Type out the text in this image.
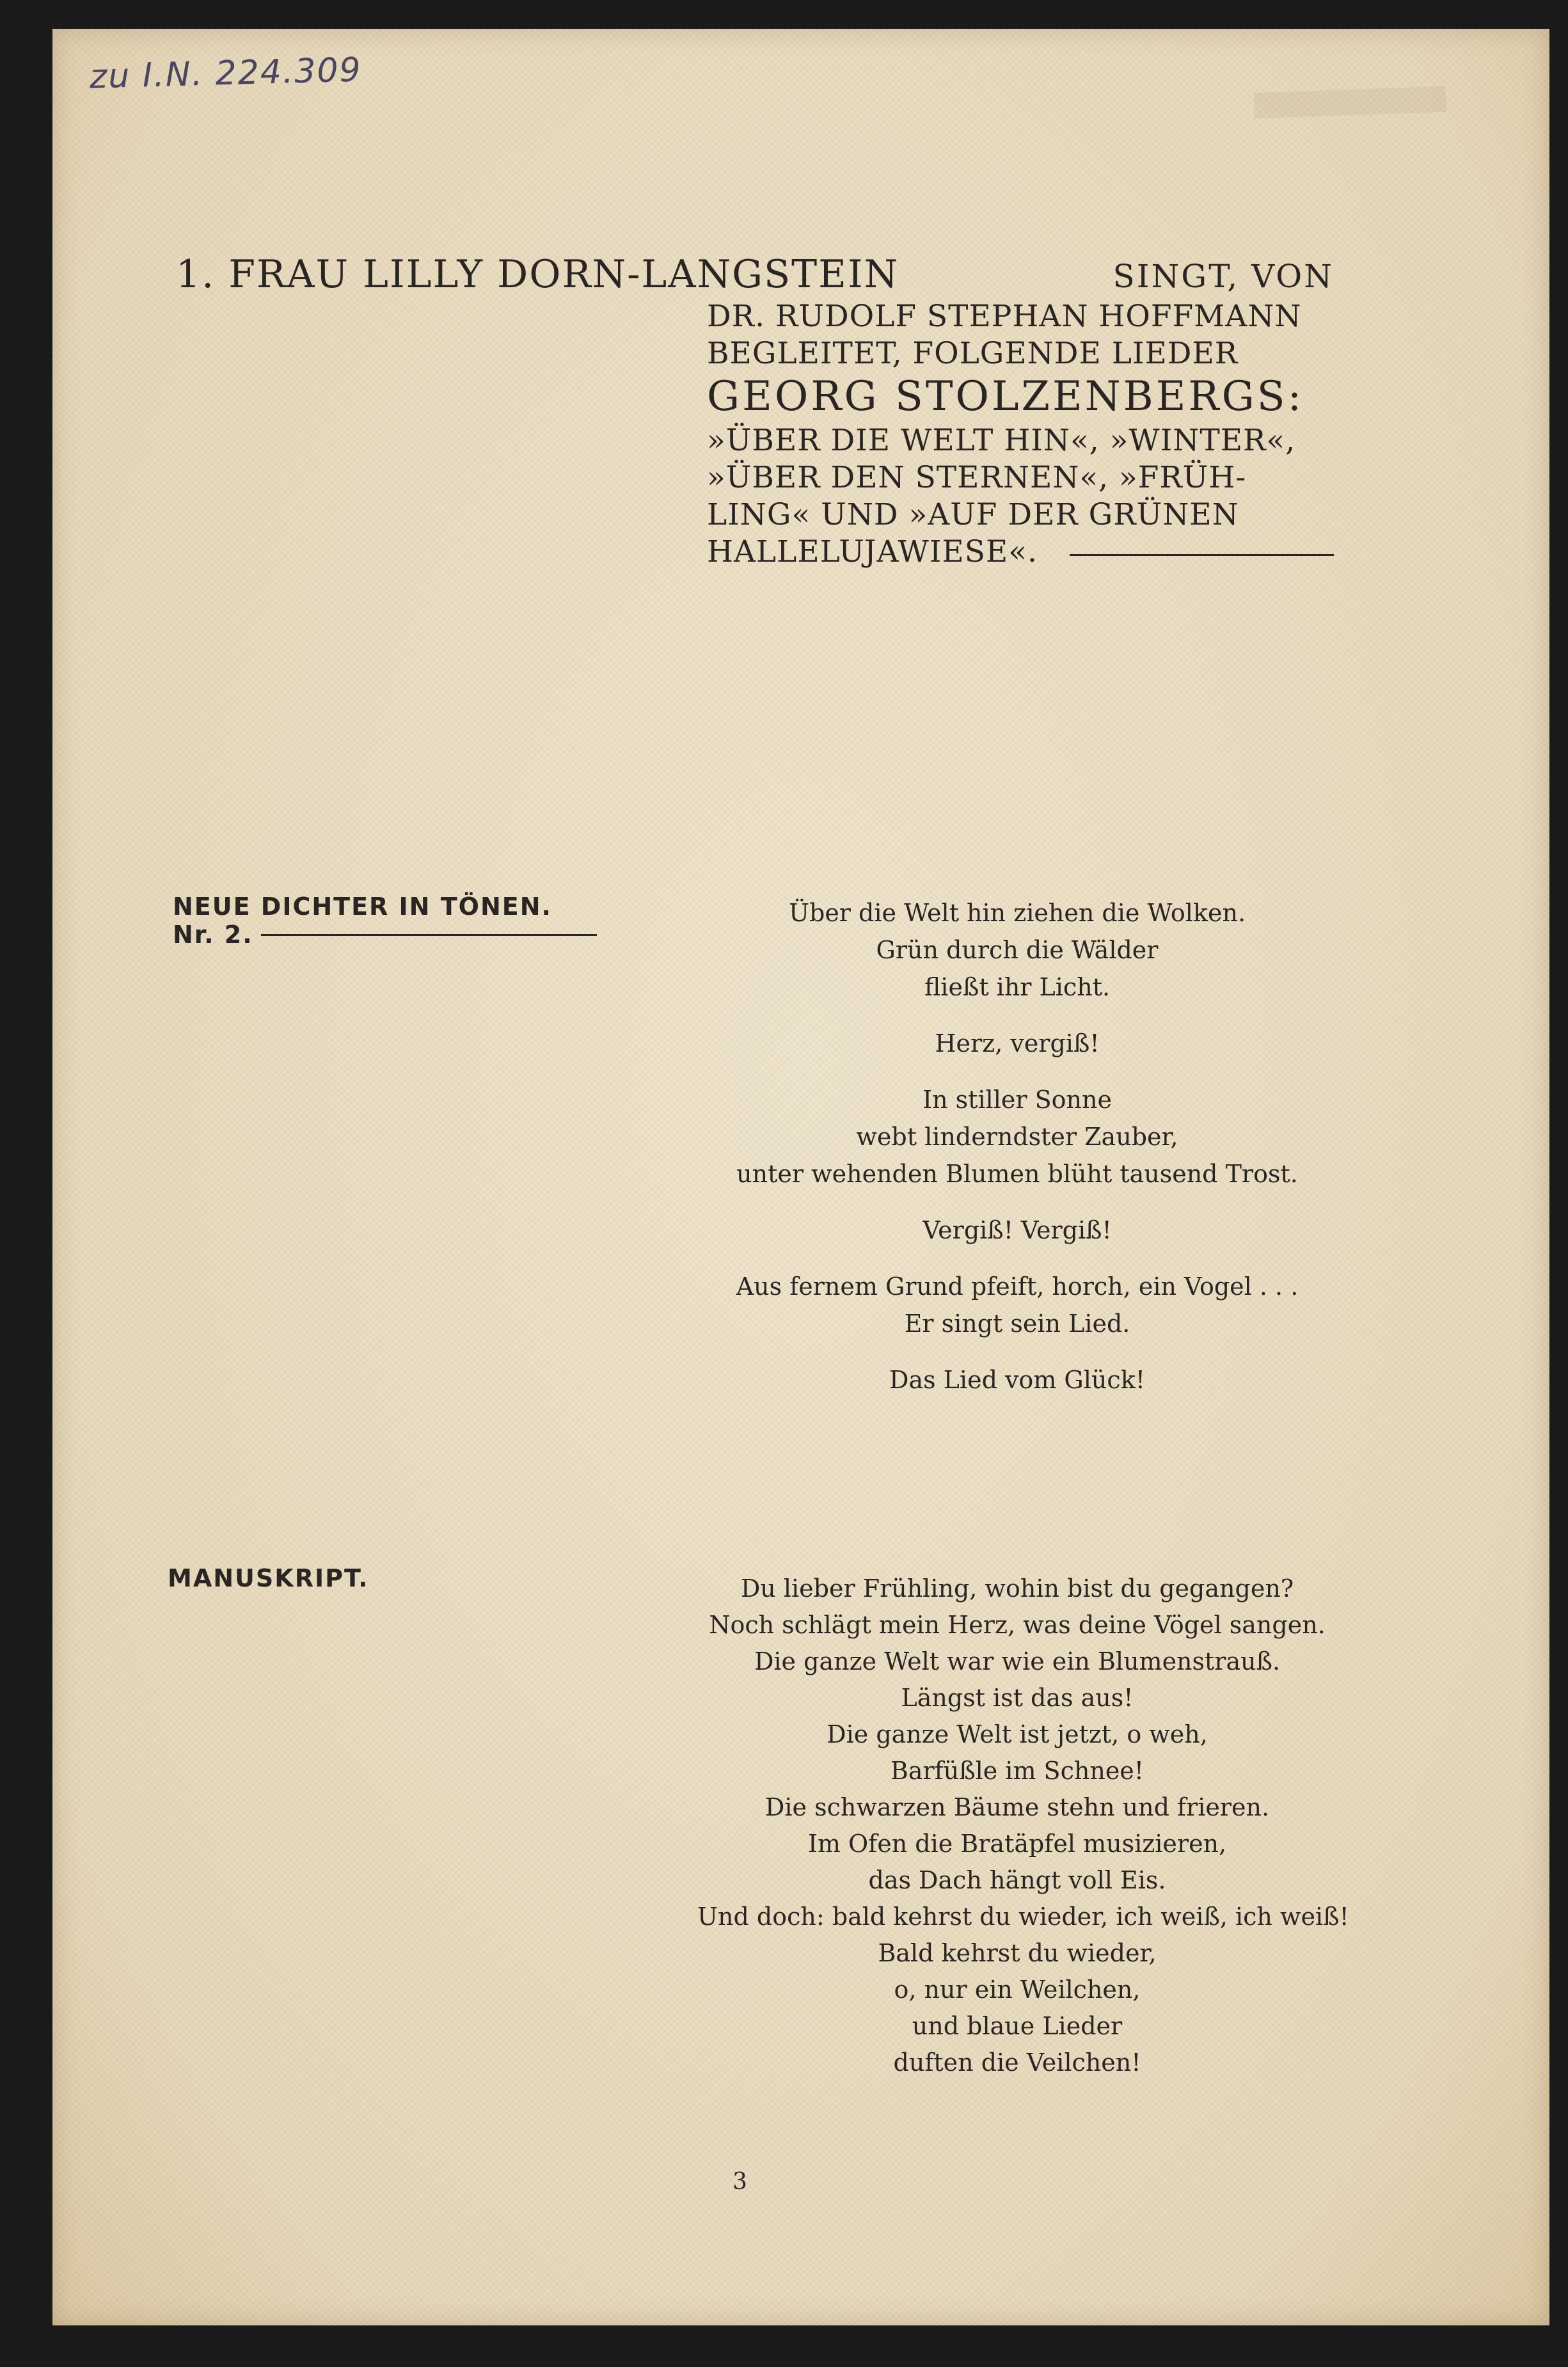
zu I.N. 224.309
1. FRAU LILLY DORN-LANGSTEIN	SINGT, VON
DR. RUDOLF STEPHAN HOFFMANN
BEGLEITET, FOLGENDE LIEDER
GEORG STOLZENBERGS:
»ÜBER DIE WELT HIN«, »WINTER«,
»ÜBER DEN STERNEN«, »FRÜH-
LING« UND »AUF DER GRÜNEN
HALLELUJAWIESE«.
NEUE DICHTER IN TÖNEN.
Nr. 2.
Über die Welt hin ziehen die Wolken.
Grün durch die Wälder
fließt ihr Licht.
Herz, vergiß!
In stiller Sonne
webt linderndster Zauber,
unter wehenden Blumen blüht tausend Trost.
Vergiß! Vergiß!
Aus fernem Grund pfeift, horch, ein Vogel . . .
Er singt sein Lied.
Das Lied vom Glück!
MANUSKRIPT.	Du lieber Frühling, wohin bist du gegangen?
Noch schlägt mein Herz, was deine Vögel sangen.
Die ganze Welt war wie ein Blumenstrauß.
Längst ist das aus!
Die ganze Welt ist jetzt, o weh,
Barfüßle im Schnee!
Die schwarzen Bäume stehn und frieren.
Im Ofen die Bratäpfel musizieren,
das Dach hängt voll Eis.
Und doch: bald kehrst du wieder, ich weiß, ich weiß!
Bald kehrst du wieder,
o, nur ein Weilchen,
und blaue Lieder
duften die Veilchen!
3
